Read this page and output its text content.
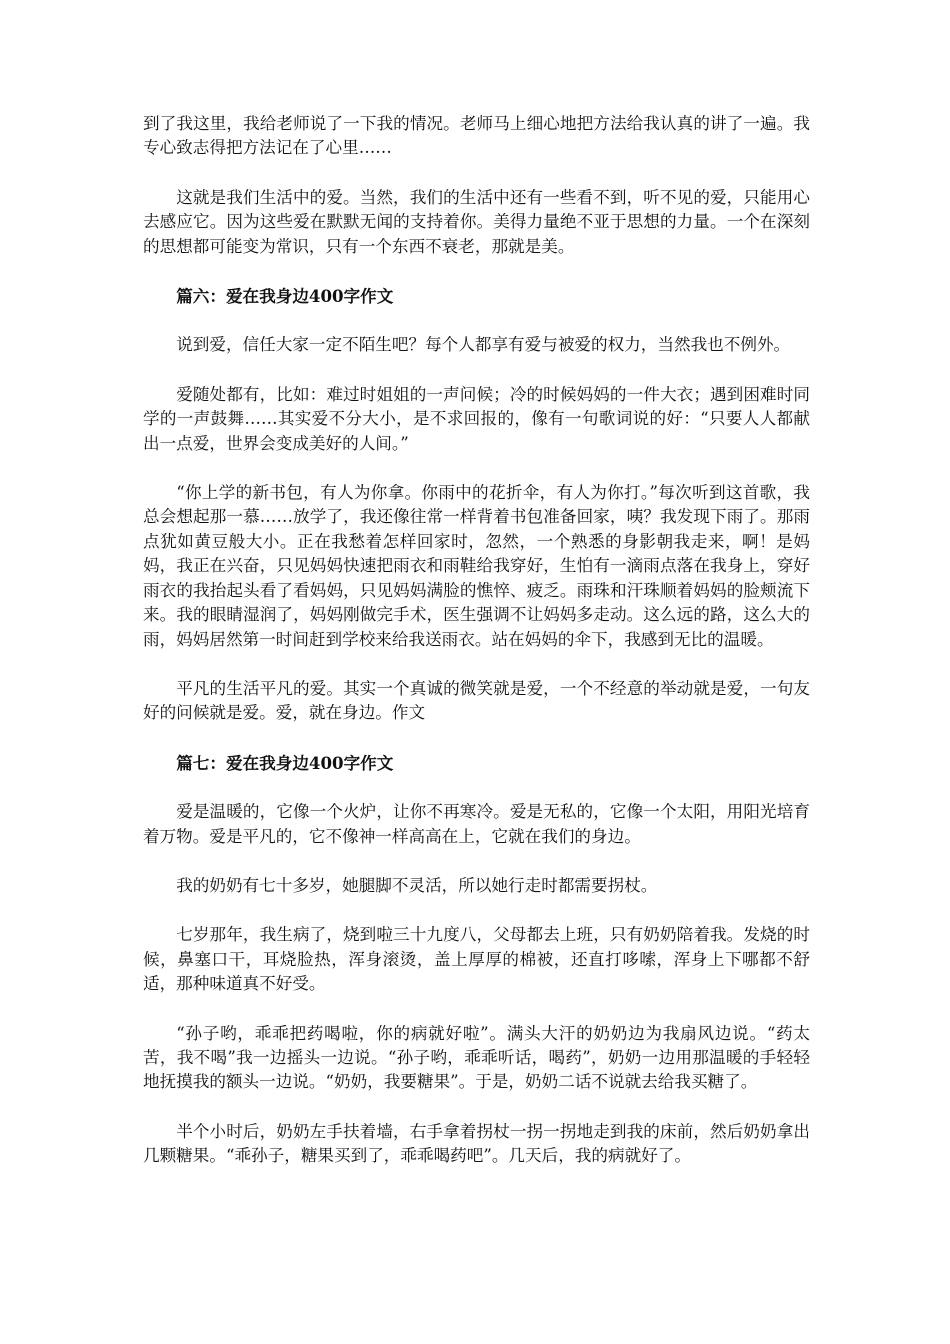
到了我这里，我给老师说了一下我的情况。老师马上细心地把方法给我认真的讲了一遍。我专心致志得把方法记在了心里……

这就是我们生活中的爱。当然，我们的生活中还有一些看不到，听不见的爱，只能用心去感应它。因为这些爱在默默无闻的支持着你。美得力量绝不亚于思想的力量。一个在深刻的思想都可能变为常识，只有一个东西不衰老，那就是美。

篇六：爱在我身边400字作文

说到爱，信任大家一定不陌生吧？每个人都享有爱与被爱的权力，当然我也不例外。

爱随处都有，比如：难过时姐姐的一声问候；冷的时候妈妈的一件大衣；遇到困难时同学的一声鼓舞……其实爱不分大小，是不求回报的，像有一句歌词说的好：“只要人人都献出一点爱，世界会变成美好的人间。”

“你上学的新书包，有人为你拿。你雨中的花折伞，有人为你打。”每次听到这首歌，我总会想起那一慕……放学了，我还像往常一样背着书包准备回家，咦？我发现下雨了。那雨点犹如黄豆般大小。正在我愁着怎样回家时，忽然，一个熟悉的身影朝我走来，啊！是妈妈，我正在兴奋，只见妈妈快速把雨衣和雨鞋给我穿好，生怕有一滴雨点落在我身上，穿好雨衣的我抬起头看了看妈妈，只见妈妈满脸的憔悴、疲乏。雨珠和汗珠顺着妈妈的脸颊流下来。我的眼睛湿润了，妈妈刚做完手术，医生强调不让妈妈多走动。这么远的路，这么大的雨，妈妈居然第一时间赶到学校来给我送雨衣。站在妈妈的伞下，我感到无比的温暖。

平凡的生活平凡的爱。其实一个真诚的微笑就是爱，一个不经意的举动就是爱，一句友好的问候就是爱。爱，就在身边。作文

篇七：爱在我身边400字作文

爱是温暖的，它像一个火炉，让你不再寒冷。爱是无私的，它像一个太阳，用阳光培育着万物。爱是平凡的，它不像神一样高高在上，它就在我们的身边。

我的奶奶有七十多岁，她腿脚不灵活，所以她行走时都需要拐杖。

七岁那年，我生病了，烧到啦三十九度八，父母都去上班，只有奶奶陪着我。发烧的时候，鼻塞口干，耳烧脸热，浑身滚烫，盖上厚厚的棉被，还直打哆嗦，浑身上下哪都不舒适，那种味道真不好受。

“孙子哟，乖乖把药喝啦，你的病就好啦”。满头大汗的奶奶边为我扇风边说。“药太苦，我不喝”我一边摇头一边说。“孙子哟，乖乖听话，喝药”，奶奶一边用那温暖的手轻轻地抚摸我的额头一边说。“奶奶，我要糖果”。于是，奶奶二话不说就去给我买糖了。

半个小时后，奶奶左手扶着墙，右手拿着拐杖一拐一拐地走到我的床前，然后奶奶拿出几颗糖果。“乖孙子，糖果买到了，乖乖喝药吧”。几天后，我的病就好了。
